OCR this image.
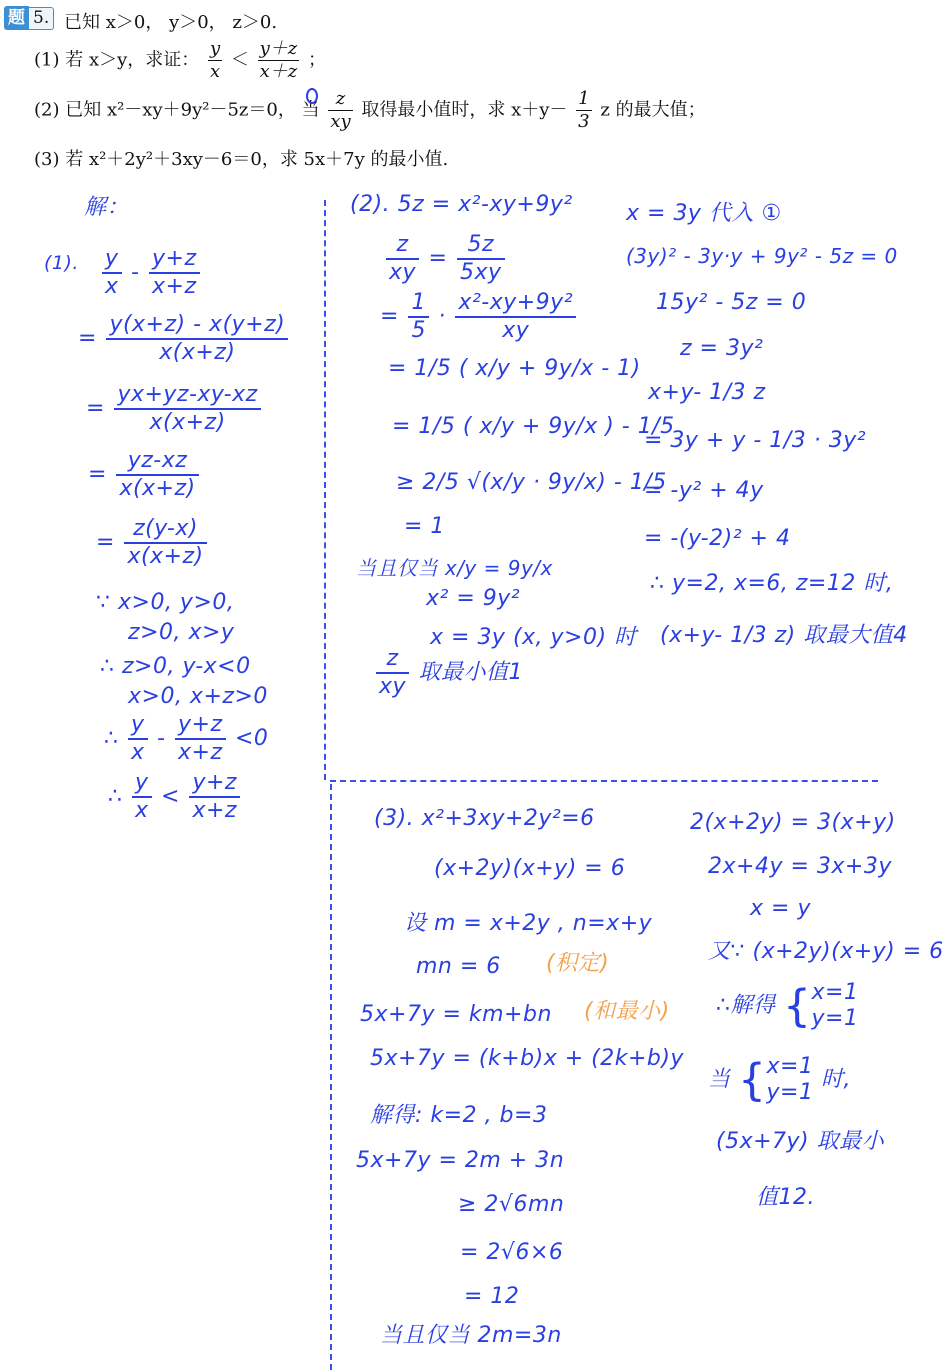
题 5. 已知 x＞0， y＞0， z＞0.
(1) 若 x＞y，求证： $\frac{y}{x} < \frac{y+z}{x+z}$ ；
(2) 已知 x²－xy＋9y²－5z＝0， 当 $\frac{z}{xy}$ 取得最小值时，求 $x+y- \frac{1}{3}$ z 的最大值；
(3) 若 x²＋2y²＋3xy－6＝0，求 5x＋7y 的最小值.
解：
(1). $\frac{y}{x} - \frac{y+z}{x+z}$
= $\frac{y(x+z) - x(y+z)}{x(x+z)}$
= $\frac{yx+yz-xy-xz}{x(x+z)}$
= $\frac{yz-xz}{x(x+z)}$
= $\frac{z(y-x)}{x(x+z)}$
∵ x>0, y>0,
z>0, x>y
∴ z>0, y-x<0
x>0, x+z>0
∴ $\frac{y}{x} - \frac{y+z}{x+z} <0$
∴ $\frac{y}{x} < \frac{y+z}{x+z}$
(2). 5z = x²-xy+9y²
$\frac{z}{xy} = \frac{5z}{5xy}$
= $\frac{1}{5} \cdot \frac{\text{x²-xy+9y²}}{xy}$
= 1/5 ( x/y + 9y/x - 1)
= 1/5 ( x/y + 9y/x ) - 1/5
≥ 2/5 √(x/y · 9y/x) - 1/5
= 1
当且仅当 x/y = 9y/x
x² = 9y²
x = 3y (x, y>0) 时
$\frac{z}{xy}$ 取最小值1
x = 3y 代入 ①
(3y)² - 3y·y + 9y² - 5z = 0
15y² - 5z = 0
z = 3y²
x+y- 1/3 z
= 3y + y - 1/3 · 3y²
= -y² + 4y
= -(y-2)² + 4
∴ y=2, x=6, z=12 时,
(x+y- 1/3 z) 取最大值4
(3). x²+3xy+2y²=6
(x+2y)(x+y) = 6
设 m = x+2y , n=x+y
mn = 6 (积定)
5x+7y = km+bn (和最小)
5x+7y = (k+b)x + (2k+b)y
解得: k=2 , b=3
5x+7y = 2m + 3n
≥ 2√6mn
= 2√6×6
= 12
当且仅当 2m=3n
2(x+2y) = 3(x+y)
2x+4y = 3x+3y
x = y
又∵ (x+2y)(x+y) = 6
∴解得 { x=1
y=1
当 { x=1
y=1
时,
(5x+7y) 取最小
值12.
